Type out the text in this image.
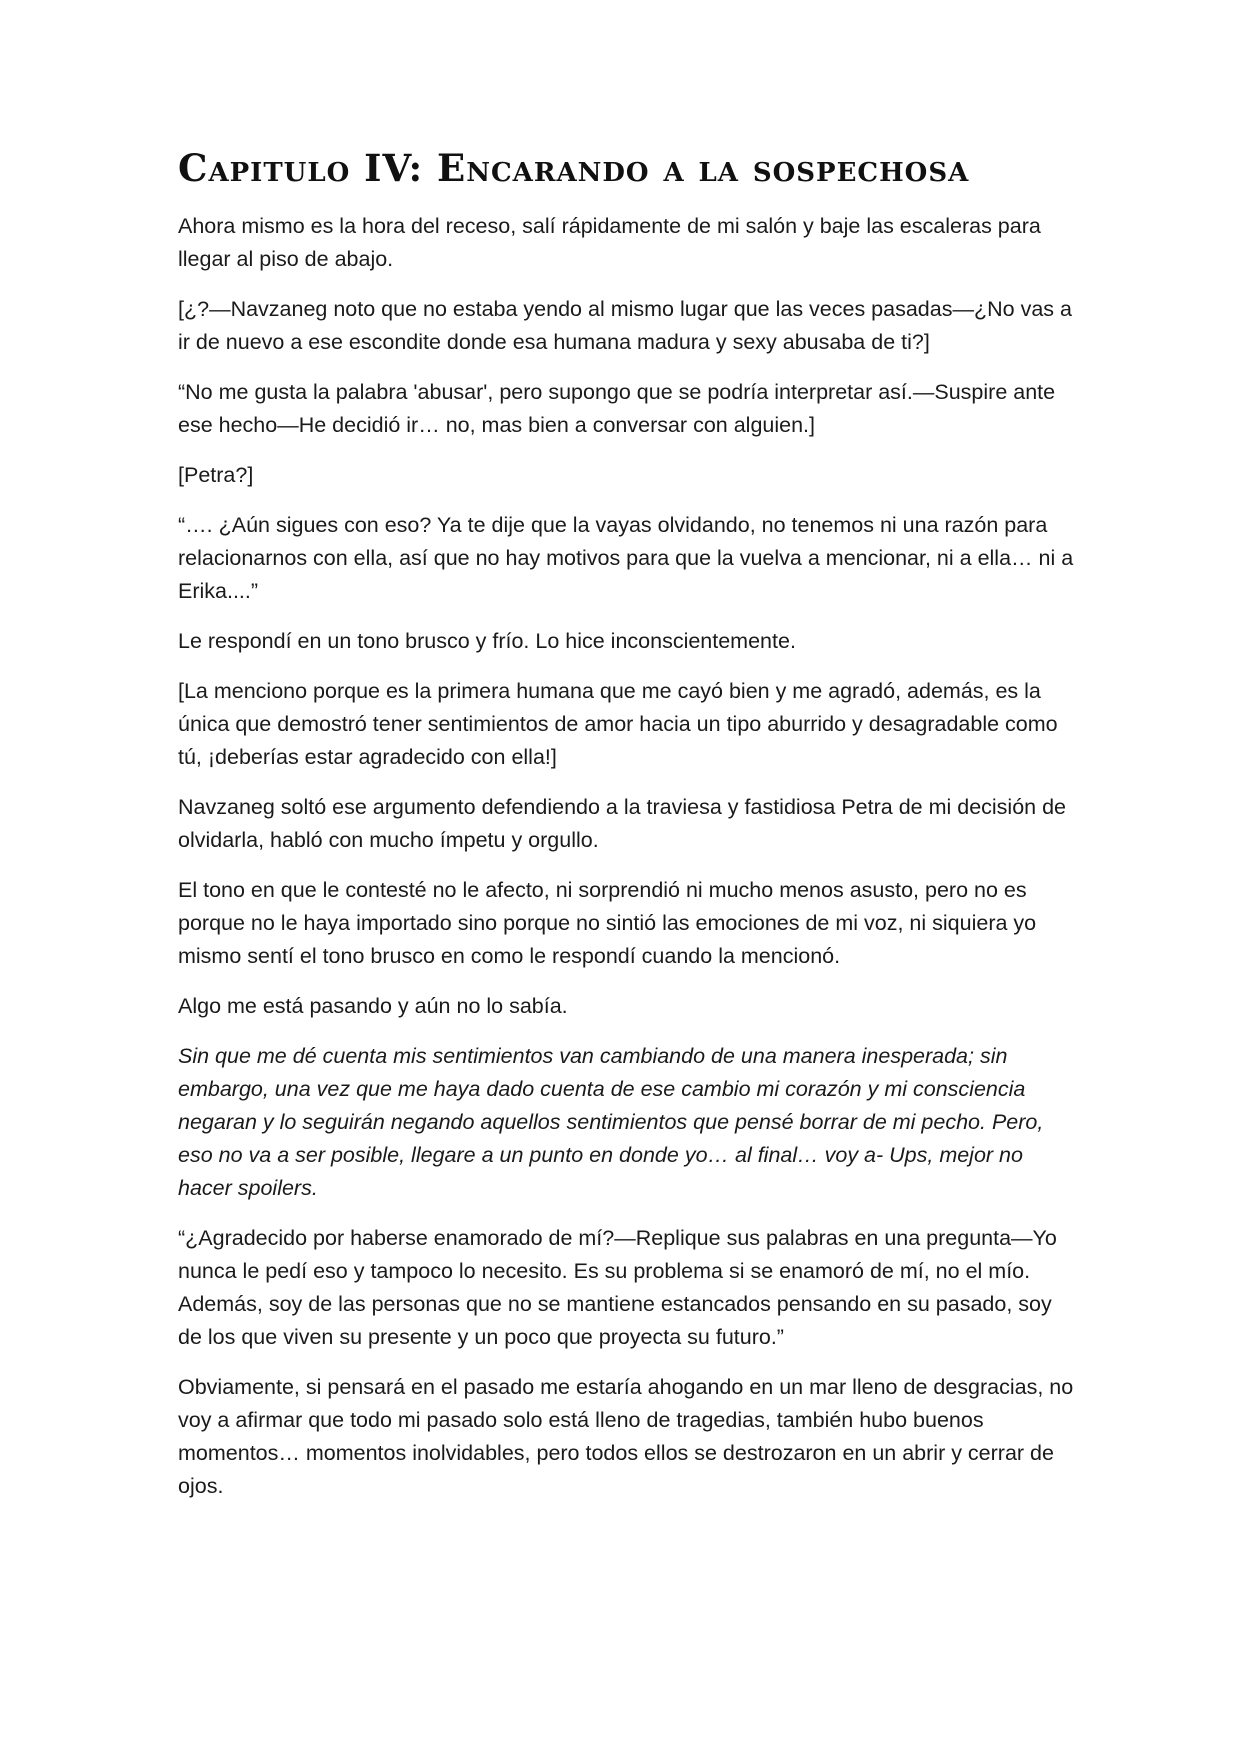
Capitulo IV: Encarando a la sospechosa

Ahora mismo es la hora del receso, salí rápidamente de mi salón y baje las escaleras para llegar al piso de abajo.

[¿?—Navzaneg noto que no estaba yendo al mismo lugar que las veces pasadas—¿No vas a ir de nuevo a ese escondite donde esa humana madura y sexy abusaba de ti?]

“No me gusta la palabra 'abusar', pero supongo que se podría interpretar así.—Suspire ante ese hecho—He decidió ir… no, mas bien a conversar con alguien.]

[Petra?]

“…. ¿Aún sigues con eso? Ya te dije que la vayas olvidando, no tenemos ni una razón para relacionarnos con ella, así que no hay motivos para que la vuelva a mencionar, ni a ella… ni a Erika....”

Le respondí en un tono brusco y frío. Lo hice inconscientemente.

[La menciono porque es la primera humana que me cayó bien y me agradó, además, es la única que demostró tener sentimientos de amor hacia un tipo aburrido y desagradable como tú, ¡deberías estar agradecido con ella!]

Navzaneg soltó ese argumento defendiendo a la traviesa y fastidiosa Petra de mi decisión de olvidarla, habló con mucho ímpetu y orgullo.

El tono en que le contesté no le afecto, ni sorprendió ni mucho menos asusto, pero no es porque no le haya importado sino porque no sintió las emociones de mi voz, ni siquiera yo mismo sentí el tono brusco en como le respondí cuando la mencionó.

Algo me está pasando y aún no lo sabía.

Sin que me dé cuenta mis sentimientos van cambiando de una manera inesperada; sin embargo, una vez que me haya dado cuenta de ese cambio mi corazón y mi consciencia negaran y lo seguirán negando aquellos sentimientos que pensé borrar de mi pecho. Pero, eso no va a ser posible, llegare a un punto en donde yo… al final… voy a- Ups, mejor no hacer spoilers.

“¿Agradecido por haberse enamorado de mí?—Replique sus palabras en una pregunta—Yo nunca le pedí eso y tampoco lo necesito. Es su problema si se enamoró de mí, no el mío. Además, soy de las personas que no se mantiene estancados pensando en su pasado, soy de los que viven su presente y un poco que proyecta su futuro.”

Obviamente, si pensará en el pasado me estaría ahogando en un mar lleno de desgracias, no voy a afirmar que todo mi pasado solo está lleno de tragedias, también hubo buenos momentos… momentos inolvidables, pero todos ellos se destrozaron en un abrir y cerrar de ojos.
